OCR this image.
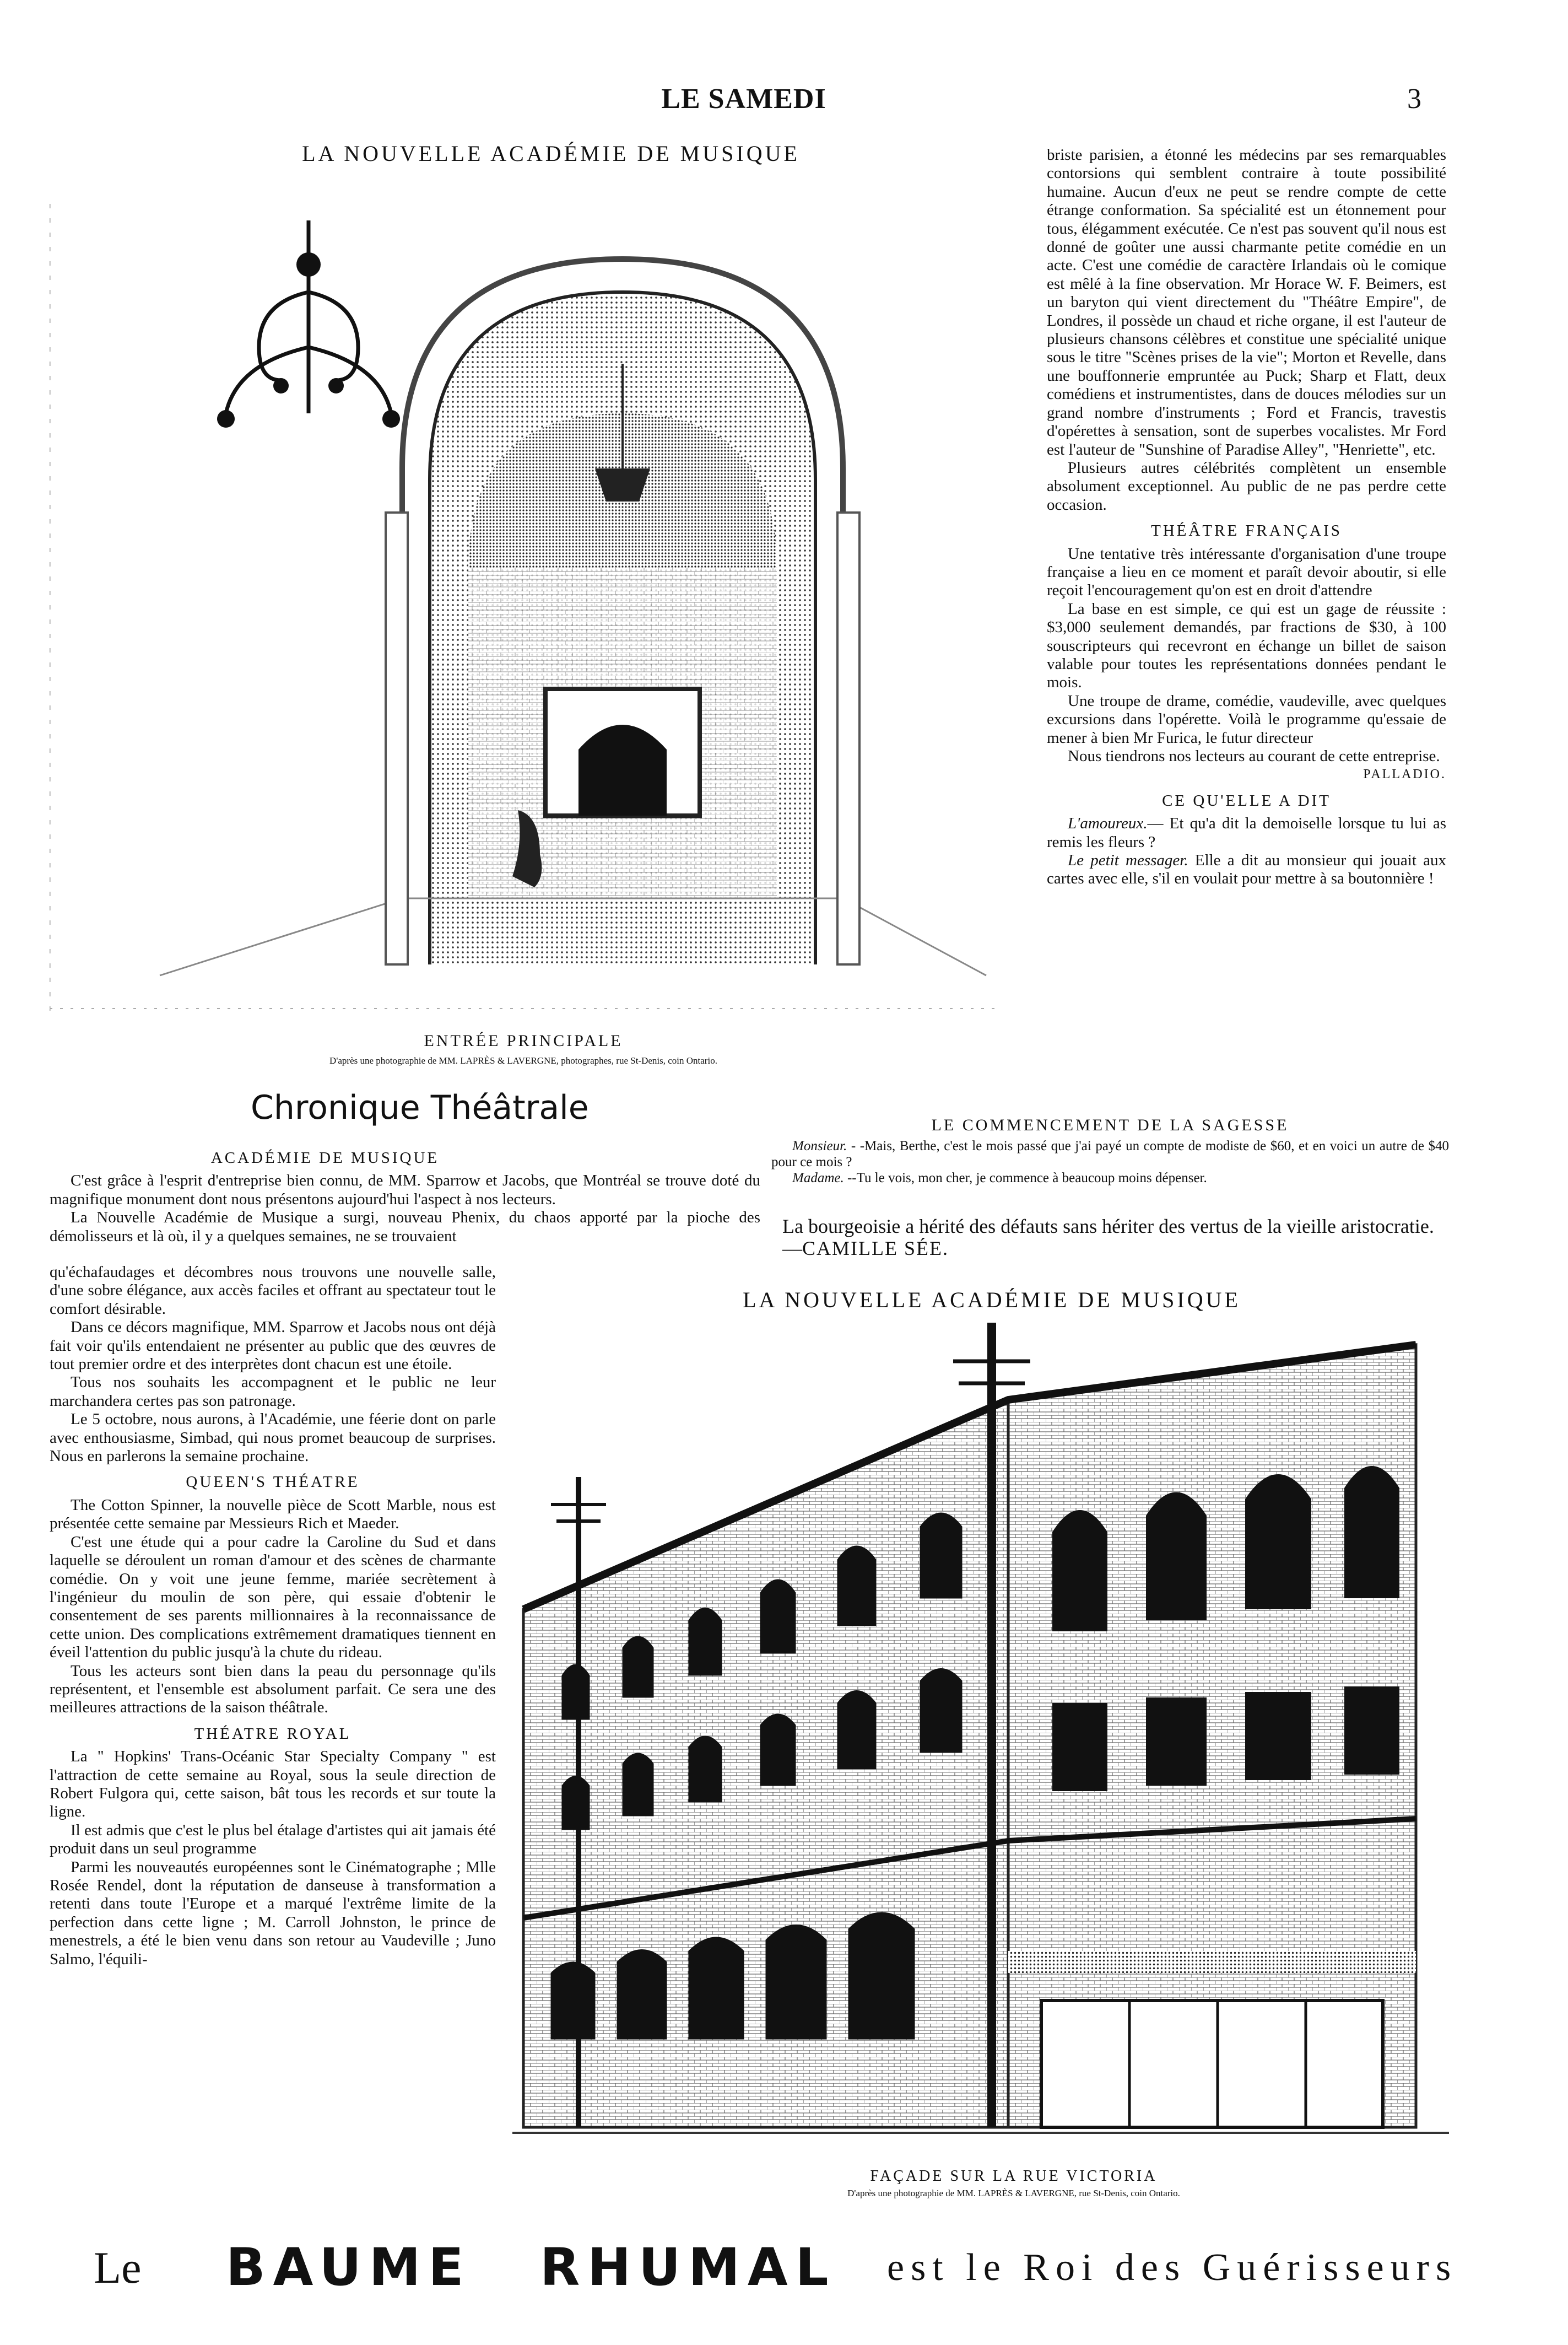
LE SAMEDI	3
LA NOUVELLE ACADÉMIE DE MUSIQUE
ENTRÉE PRINCIPALE
D'après une photographie de MM. LAPRÈS & LAVERGNE, photographes, rue St-Denis, coin Ontario.

briste parisien, a étonné les médecins par ses remarquables contorsions qui semblent contraire à toute possibilité humaine. Aucun d'eux ne peut se rendre compte de cette étrange conformation. Sa spécialité est un étonnement pour tous, élégamment exécutée. Ce n'est pas souvent qu'il nous est donné de goûter une aussi charmante petite comédie en un acte. C'est une comédie de caractère Irlandais où le comique est mêlé à la fine observation. Mr Horace W. F. Beimers, est un baryton qui vient directement du "Théâtre Empire", de Londres, il possède un chaud et riche organe, il est l'auteur de plusieurs chansons célèbres et constitue une spécialité unique sous le titre "Scènes prises de la vie"; Morton et Revelle, dans une bouffonnerie empruntée au Puck; Sharp et Flatt, deux comédiens et instrumentistes, dans de douces mélodies sur un grand nombre d'instruments ; Ford et Francis, travestis d'opérettes à sensation, sont de superbes vocalistes. Mr Ford est l'auteur de "Sunshine of Paradise Alley", "Henriette", etc.

Plusieurs autres célébrités complètent un ensemble absolument exceptionnel. Au public de ne pas perdre cette occasion.

THÉÂTRE FRANÇAIS

Une tentative très intéressante d'organisation d'une troupe française a lieu en ce moment et paraît devoir aboutir, si elle reçoit l'encouragement qu'on est en droit d'attendre

La base en est simple, ce qui est un gage de réussite : $3,000 seulement demandés, par fractions de $30, à 100 souscripteurs qui recevront en échange un billet de saison valable pour toutes les représentations données pendant le mois.

Une troupe de drame, comédie, vaudeville, avec quelques excursions dans l'opérette. Voilà le programme qu'essaie de mener à bien Mr Furica, le futur directeur

Nous tiendrons nos lecteurs au courant de cette entreprise.

PALLADIO.
CE QU'ELLE A DIT

L'amoureux.— Et qu'a dit la demoiselle lorsque tu lui as remis les fleurs ?

Le petit messager. Elle a dit au monsieur qui jouait aux cartes avec elle, s'il en voulait pour mettre à sa boutonnière !

Chronique Théâtrale	LE COMMENCEMENT DE LA SAGESSE

Monsieur. - -Mais, Berthe, c'est le mois passé que j'ai payé un compte de modiste de $60, et en voici un autre de $40 pour ce mois ?

Madame. --Tu le vois, mon cher, je commence à beaucoup moins dépenser.

La bourgeoisie a hérité des défauts sans hériter des vertus de la vieille aristocratie.—CAMILLE SÉE.
ACADÉMIE DE MUSIQUE

C'est grâce à l'esprit d'entreprise bien connu, de MM. Sparrow et Jacobs, que Montréal se trouve doté du magnifique monument dont nous présentons aujourd'hui l'aspect à nos lecteurs.

La Nouvelle Académie de Musique a surgi, nouveau Phenix, du chaos apporté par la pioche des démolisseurs et là où, il y a quelques semaines, ne se trouvaient

qu'échafaudages et décombres nous trouvons une nouvelle salle, d'une sobre élégance, aux accès faciles et offrant au spectateur tout le comfort désirable.

Dans ce décors magnifique, MM. Sparrow et Jacobs nous ont déjà fait voir qu'ils entendaient ne présenter au public que des œuvres de tout premier ordre et des interprètes dont chacun est une étoile.

Tous nos souhaits les accompagnent et le public ne leur marchandera certes pas son patronage.

Le 5 octobre, nous aurons, à l'Académie, une féerie dont on parle avec enthousiasme, Simbad, qui nous promet beaucoup de surprises. Nous en parlerons la semaine prochaine.

QUEEN'S THÉATRE

The Cotton Spinner, la nouvelle pièce de Scott Marble, nous est présentée cette semaine par Messieurs Rich et Maeder.

C'est une étude qui a pour cadre la Caroline du Sud et dans laquelle se déroulent un roman d'amour et des scènes de charmante comédie. On y voit une jeune femme, mariée secrètement à l'ingénieur du moulin de son père, qui essaie d'obtenir le consentement de ses parents millionnaires à la reconnaissance de cette union. Des complications extrêmement dramatiques tiennent en éveil l'attention du public jusqu'à la chute du rideau.

Tous les acteurs sont bien dans la peau du personnage qu'ils représentent, et l'ensemble est absolument parfait. Ce sera une des meilleures attractions de la saison théâtrale.

THÉATRE ROYAL

La " Hopkins' Trans-Océanic Star Specialty Company " est l'attraction de cette semaine au Royal, sous la seule direction de Robert Fulgora qui, cette saison, bât tous les records et sur toute la ligne.

Il est admis que c'est le plus bel étalage d'artistes qui ait jamais été produit dans un seul programme

Parmi les nouveautés européennes sont le Cinématographe ; Mlle Rosée Rendel, dont la réputation de danseuse à transformation a retenti dans toute l'Europe et a marqué l'extrême limite de la perfection dans cette ligne ; M. Carroll Johnston, le prince de menestrels, a été le bien venu dans son retour au Vaudeville ; Juno Salmo, l'équili-

LA NOUVELLE ACADÉMIE DE MUSIQUE
FAÇADE SUR LA RUE VICTORIA
D'après une photographie de MM. LAPRÈS & LAVERGNE, rue St-Denis, coin Ontario.
Le BAUME RHUMAL est le Roi des Guérisseurs
